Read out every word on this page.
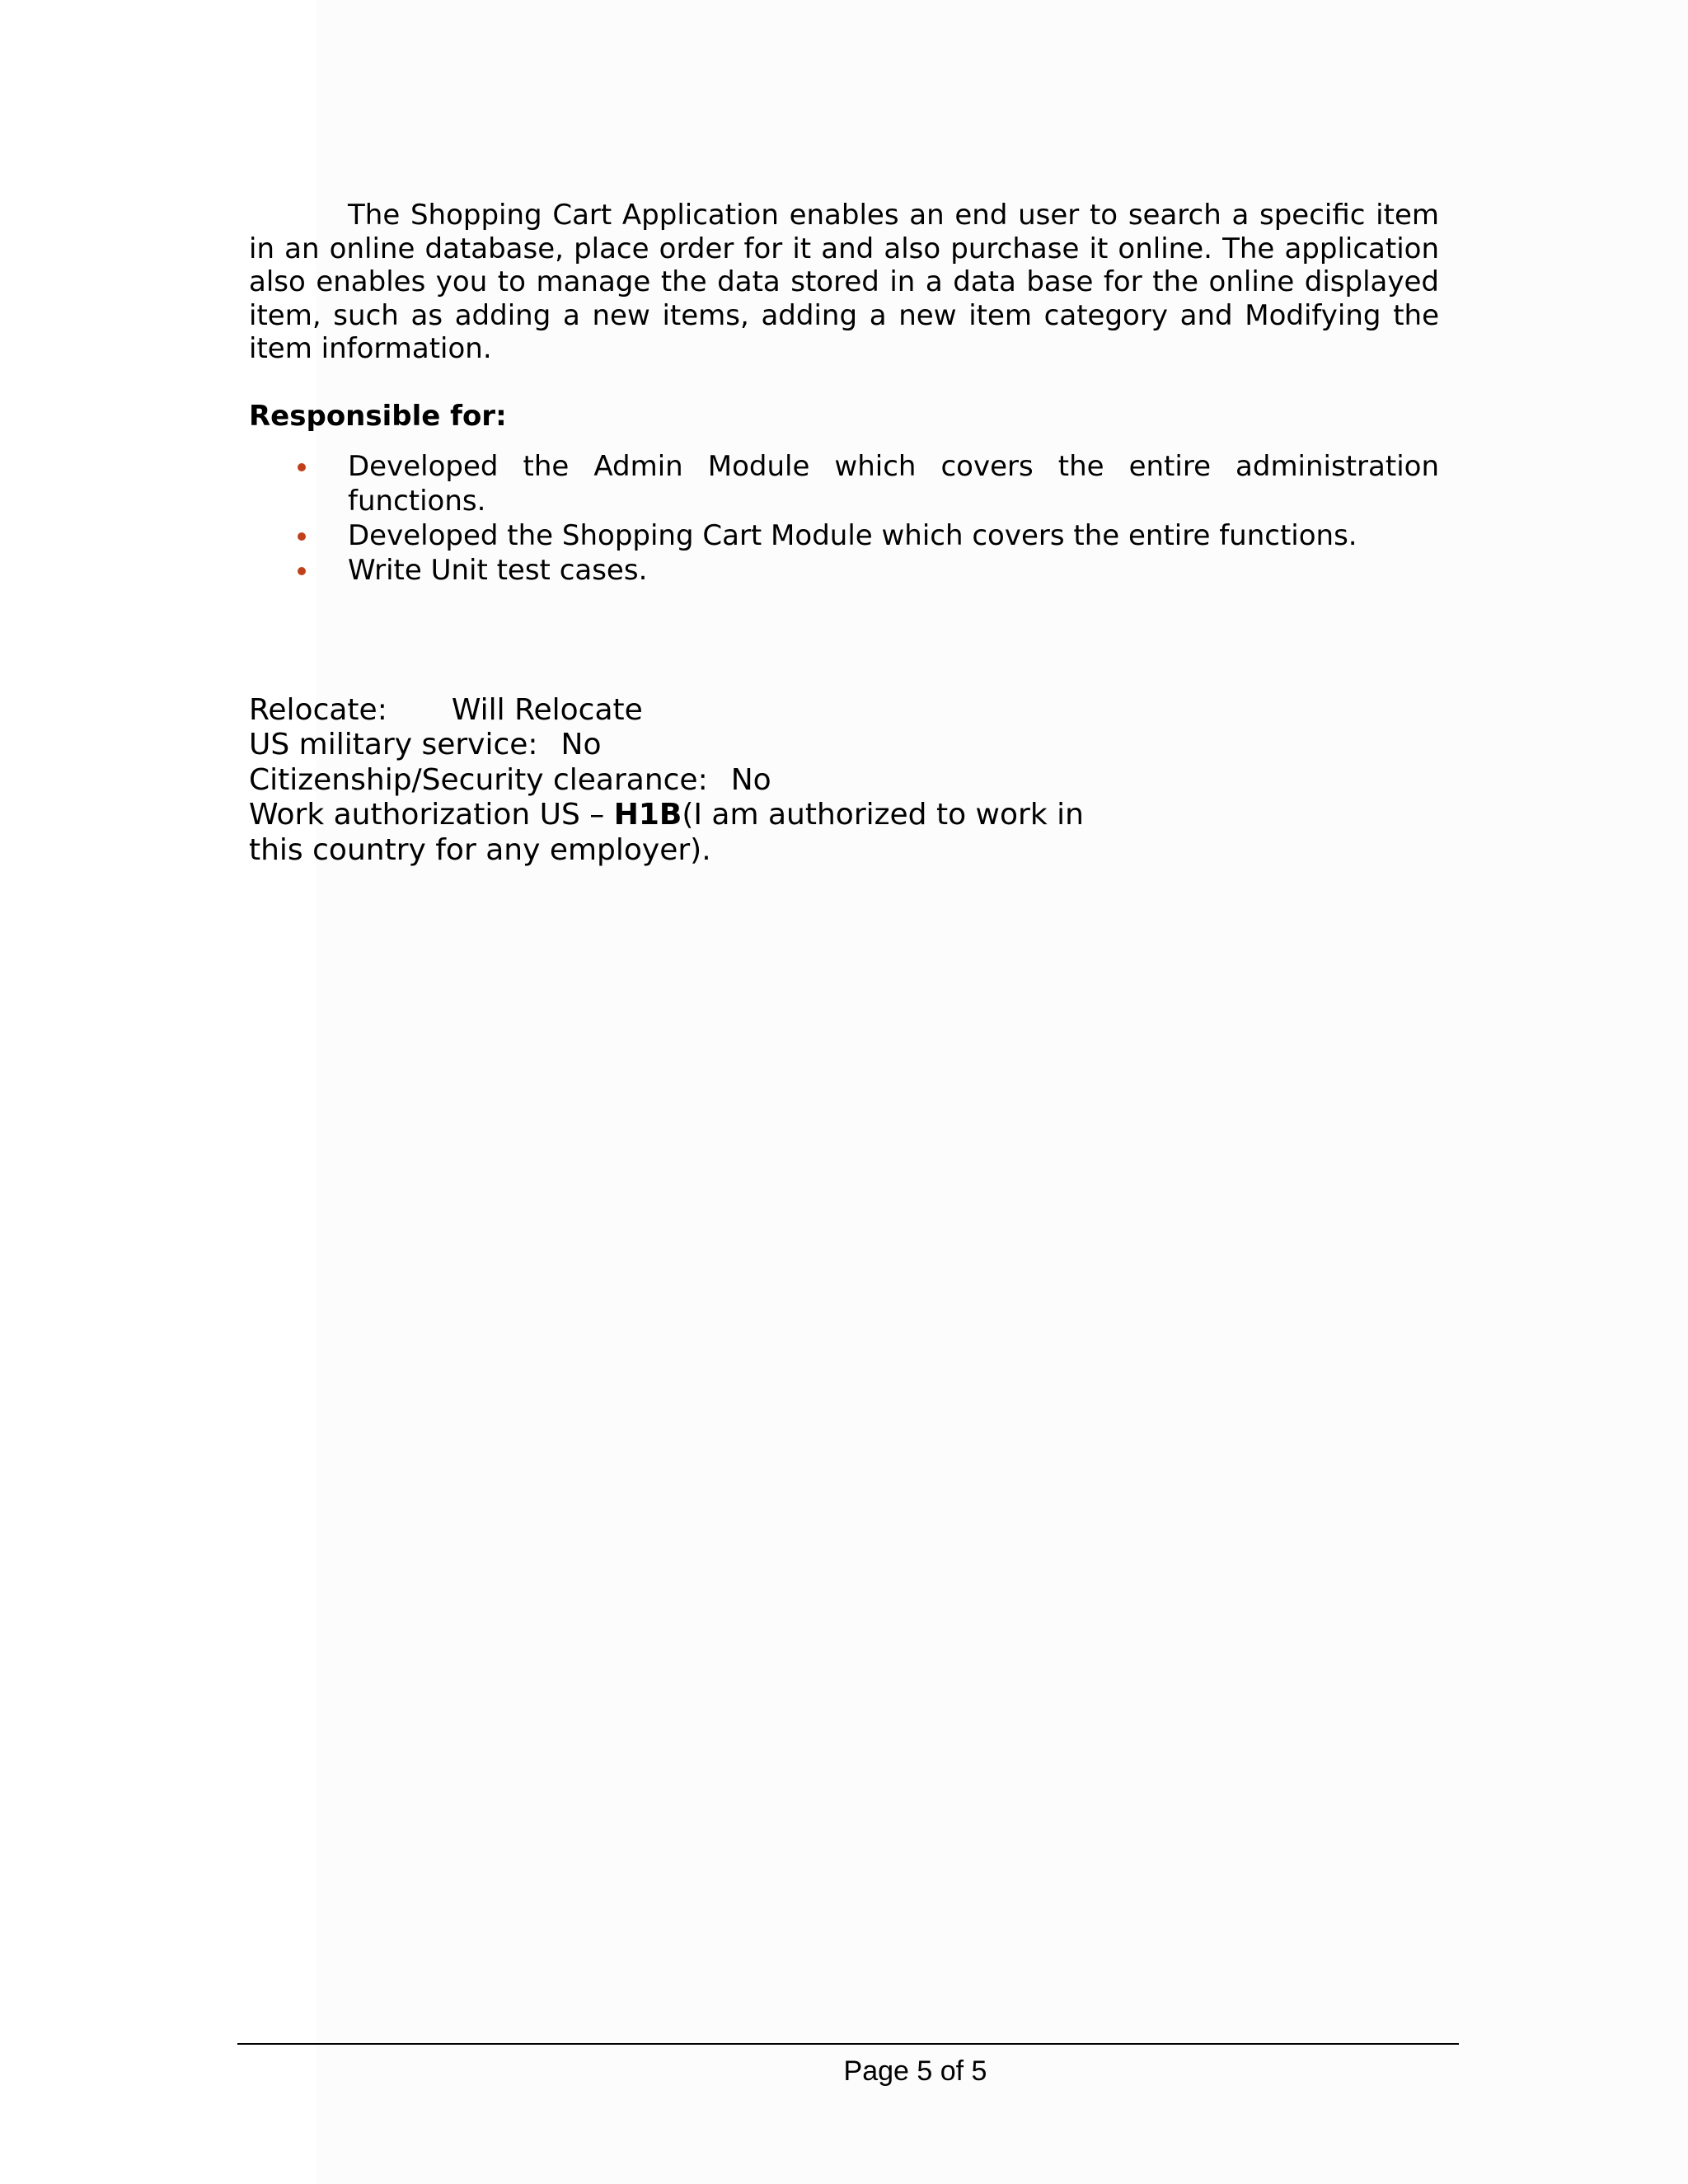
The Shopping Cart Application enables an end user to search a specific item in an online database, place order for it and also purchase it online. The application also enables you to manage the data stored in a data base for the online displayed item, such as adding a new items, adding a new item category and Modifying the item information.

Responsible for:

Developed the Admin Module which covers the entire administration
functions.
Developed the Shopping Cart Module which covers the entire functions.
Write Unit test cases.
Relocate: Will Relocate
US military service: No
Citizenship/Security clearance: No
Work authorization US – H1B(I am authorized to work in
this country for any employer).
Page 5 of 5
